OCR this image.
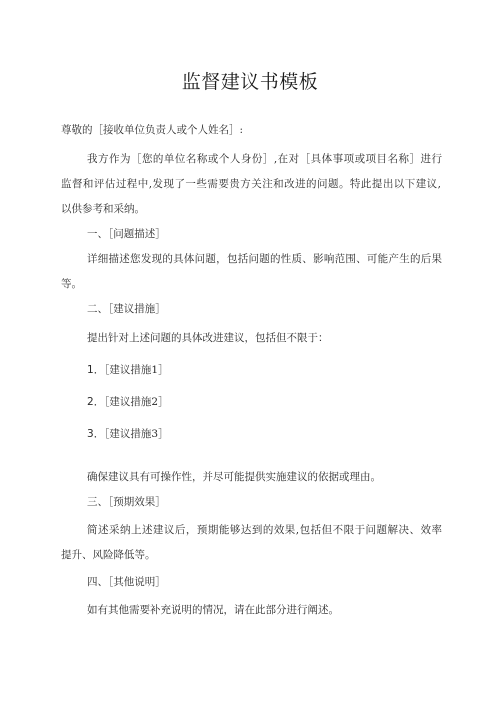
监督建议书模板
尊敬的［接收单位负责人或个人姓名］:
我方作为［您的单位名称或个人身份］,在对［具体事项或项目名称］进行
监督和评估过程中,发现了一些需要贵方关注和改进的问题。特此提出以下建议,
以供参考和采纳。
一、［问题描述］
详细描述您发现的具体问题，包括问题的性质、影响范围、可能产生的后果
等。
二、［建议措施］
提出针对上述问题的具体改进建议，包括但不限于：
1．［建议措施1］
2．［建议措施2］
3．［建议措施3］
确保建议具有可操作性，并尽可能提供实施建议的依据或理由。
三、［预期效果］
简述采纳上述建议后，预期能够达到的效果,包括但不限于问题解决、效率
提升、风险降低等。
四、［其他说明］
如有其他需要补充说明的情况，请在此部分进行阐述。
